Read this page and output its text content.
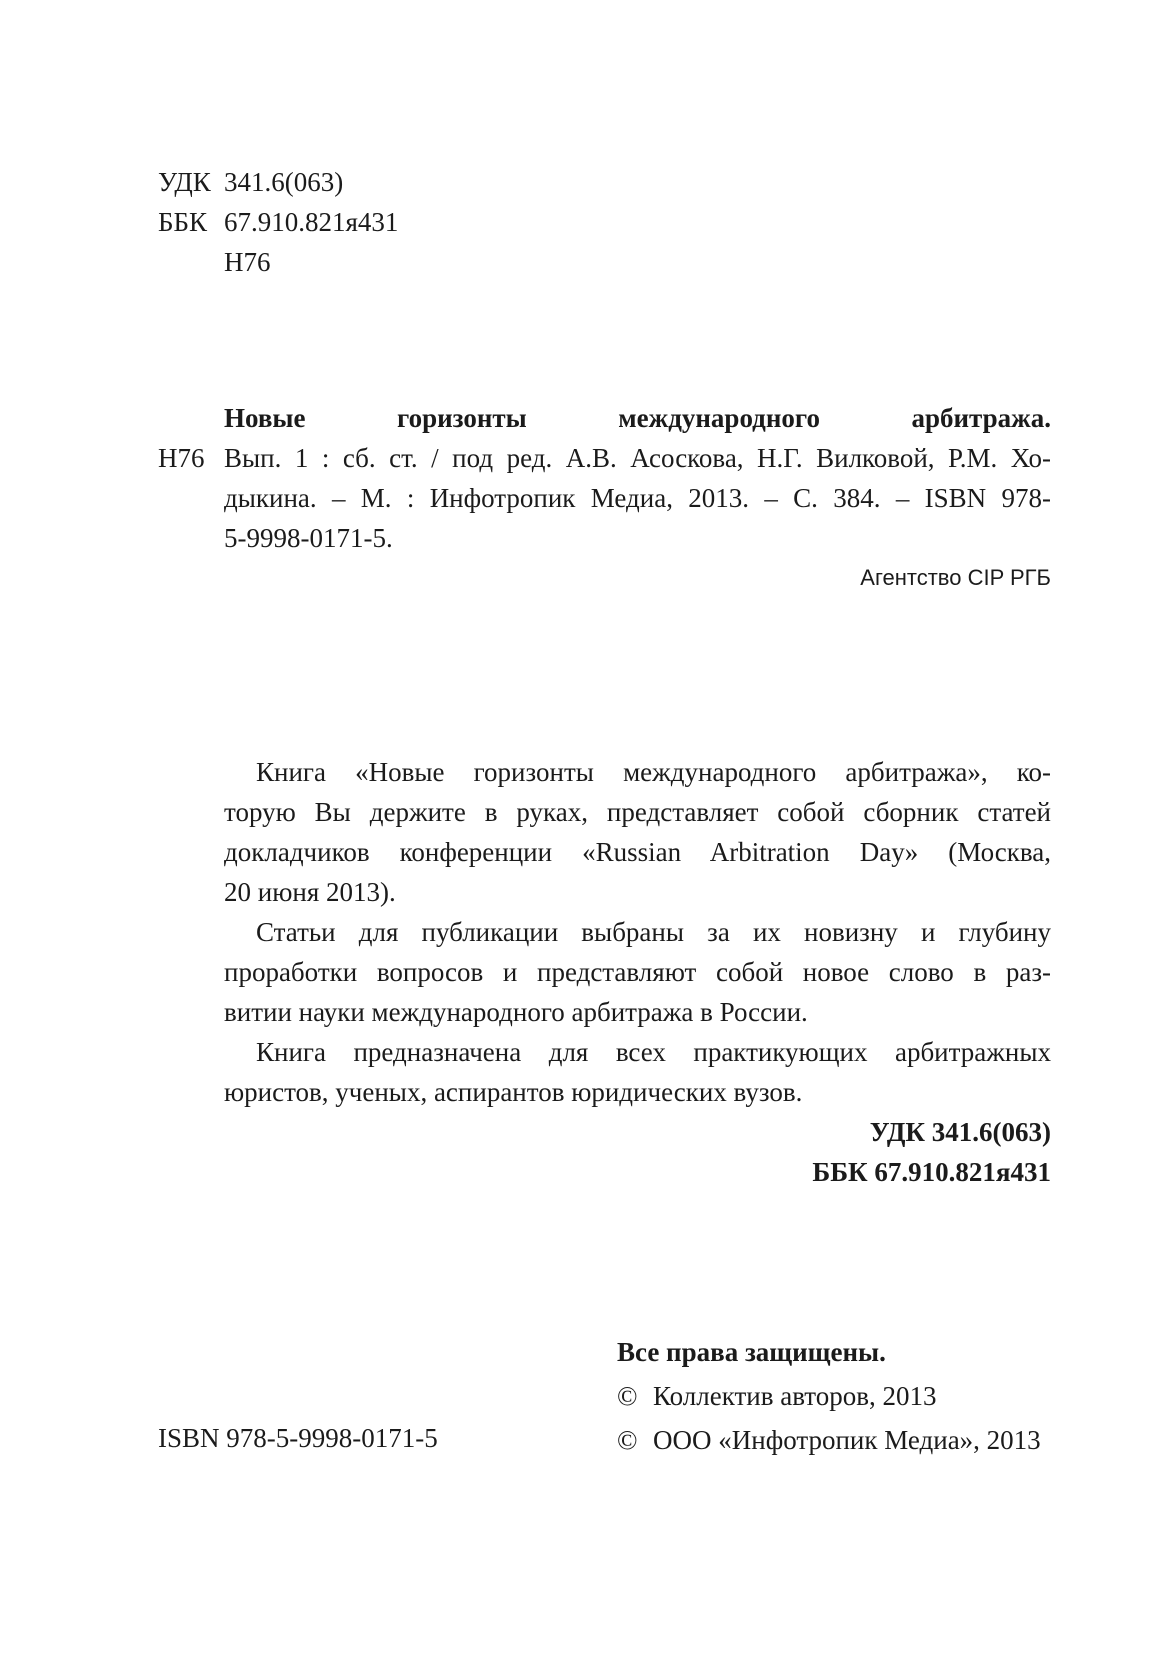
УДК 341.6(063)
ББК 67.910.821я431
Н76
Н76
Новые горизонты международного арбитража.
Вып. 1 : сб. ст. / под ред. А.В. Асоскова, Н.Г. Вилковой, Р.М. Хо-
дыкина. – М. : Инфотропик Медиа, 2013. – С. 384. – ISBN 978-
5-9998-0171-5.
Агентство CIP РГБ
Книга «Новые горизонты международного арбитража», ко-
торую Вы держите в руках, представляет собой сборник статей
докладчиков конференции «Russian Arbitration Day» (Москва,
20 июня 2013).
Статьи для публикации выбраны за их новизну и глубину
проработки вопросов и представляют собой новое слово в раз-
витии науки международного арбитража в России.
Книга предназначена для всех практикующих арбитражных
юристов, ученых, аспирантов юридических вузов.
УДК 341.6(063)
ББК 67.910.821я431
ISBN 978-5-9998-0171-5
Все права защищены.
© Коллектив авторов, 2013
© ООО «Инфотропик Медиа», 2013
